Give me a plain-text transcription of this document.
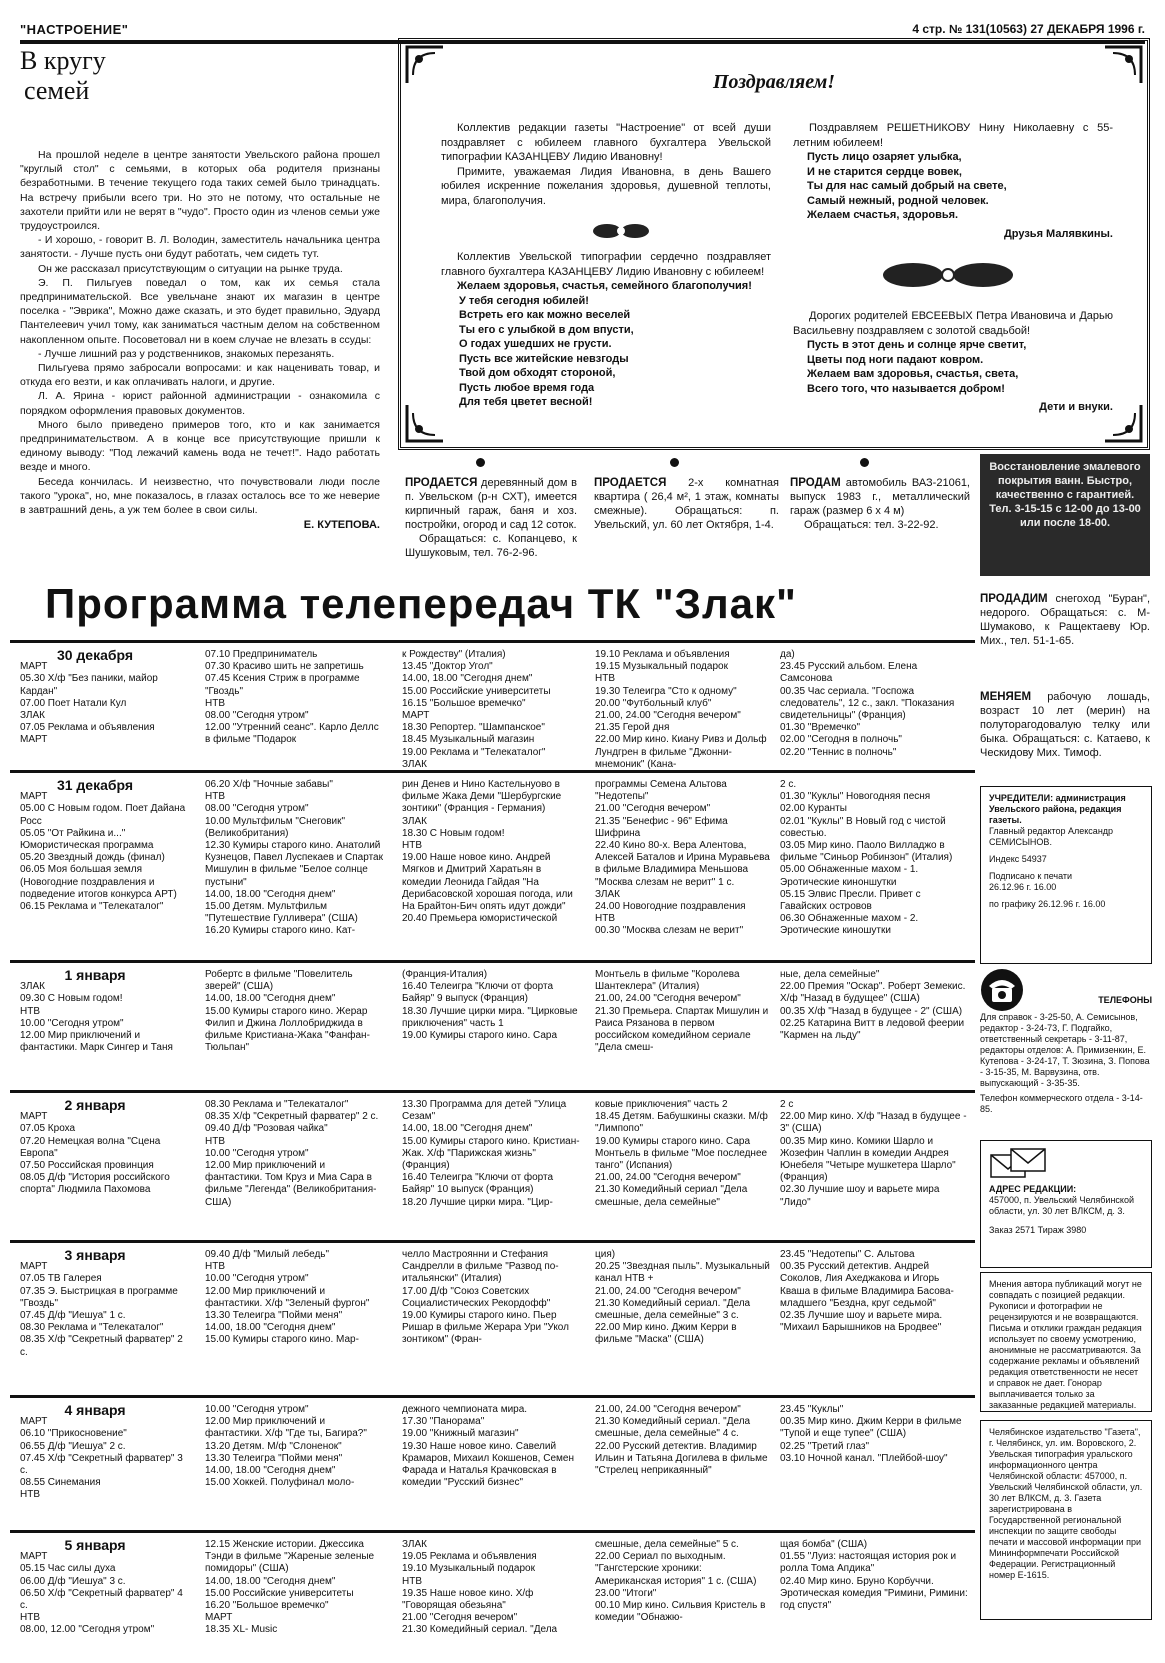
"НАСТРОЕНИЕ"	4 стр. № 131(10563) 27 ДЕКАБРЯ 1996 г.
В кругу
семей

На прошлой неделе в центре занятости Увельского района прошел "круглый стол" с семьями, в которых оба родителя признаны безработными. В течение текущего года таких семей было тринадцать. На встречу прибыли всего три. Но это не потому, что остальные не захотели прийти или не верят в "чудо". Просто один из членов семьи уже трудоустроился.

- И хорошо, - говорит В. Л. Володин, заместитель начальника центра занятости. - Лучше пусть они будут работать, чем сидеть тут.

Он же рассказал присутствующим о ситуации на рынке труда.

Э. П. Пильгуев поведал о том, как их семья стала предпринимательской. Все увельчане знают их магазин в центре поселка - "Эврика", Можно даже сказать, и это будет правильно, Эдуард Пантелеевич учил тому, как заниматься частным делом на собственном накопленном опыте. Посоветовал ни в коем случае не влезать в ссуды:

- Лучше лишний раз у родственников, знакомых перезанять.

Пильгуева прямо забросали вопросами: и как наценивать товар, и откуда его везти, и как оплачивать налоги, и другие.

Л. А. Ярина - юрист районной администрации - ознакомила с порядком оформления правовых документов.

Много было приведено примеров того, кто и как занимается предпринимательством. А в конце все присутствующие пришли к единому выводу: "Под лежачий камень вода не течет!". Надо работать везде и много.

Беседа кончилась. И неизвестно, что почувствовали люди после такого "урока", но, мне показалось, в глазах осталось все то же неверие в завтрашний день, а уж тем более в свои силы.

Е. КУТЕПОВА.
Поздравляем!

Коллектив редакции газеты "Настроение" от всей души поздравляет с юбилеем главного бухгалтера Увельской типографии КАЗАНЦЕВУ Лидию Ивановну!

Примите, уважаемая Лидия Ивановна, в день Вашего юбилея искренние пожелания здоровья, душевной теплоты, мира, благополучия.

Коллектив Увельской типографии сердечно поздравляет главного бухгалтера КАЗАНЦЕВУ Лидию Ивановну с юбилеем!

Желаем здоровья, счастья, семейного благополучия!

У тебя сегодня юбилей!
Встреть его как можно веселей
Ты его с улыбкой в дом впусти,
О годах ушедших не грусти.
Пусть все житейские невзгоды
Твой дом обходят стороной,
Пусть любое время года
Для тебя цветет весной!

Поздравляем РЕШЕТНИКОВУ Нину Николаевну с 55-летним юбилеем!

Пусть лицо озаряет улыбка,
И не старится сердце вовек,
Ты для нас самый добрый на свете,
Самый нежный, родной человек.
Желаем счастья, здоровья.
Друзья Малявкины.

Дорогих родителей ЕВСЕЕВЫХ Петра Ивановича и Дарью Васильевну поздравляем с золотой свадьбой!

Пусть в этот день и солнце ярче светит,
Цветы под ноги падают ковром.
Желаем вам здоровья, счастья, света,
Всего того, что называется добром!
Дети и внуки.
ПРОДАЕТСЯ деревянный дом в п. Увельском (р-н СХТ), имеется кирпичный гараж, баня и хоз. постройки, огород и сад 12 соток.
Обращаться: с. Копанцево, к Шушуковым, тел. 76-2-96.
ПРОДАЕТСЯ 2-х комнатная квартира ( 26,4 м², 1 этаж, комнаты смежные). Обращаться: п. Увельский, ул. 60 лет Октября, 1-4.
ПРОДАМ автомобиль ВАЗ-21061, выпуск 1983 г., металлический гараж (размер 6 х 4 м)
Обращаться: тел. 3-22-92.
Восстановление эмалевого покрытия ванн. Быстро, качественно с гарантией. Тел. 3-15-15 с 12-00 до 13-00 или после 18-00.
ПРОДАДИМ снегоход "Буран", недорого. Обращаться: с. М-Шумаково, к Ращектаеву Юр. Мих., тел. 51-1-65.
МЕНЯЕМ рабочую лошадь, возраст 10 лет (мерин) на полуторагодовалую телку или быка. Обращаться: с. Катаево, к Ческидову Мих. Тимоф.
УЧРЕДИТЕЛИ: администрация Увельского района, редакция газеты.
Главный редактор Александр СЕМИСЫНОВ.
Индекс 54937
Подписано к печати
26.12.96 г. 16.00
по графику 26.12.96 г. 16.00
ТЕЛЕФОНЫ
Для справок - 3-25-50, А. Семисынов, редактор - 3-24-73, Г. Подгайко, ответственный секретарь - 3-11-87, редакторы отделов: А. Примизенкин, Е. Кутепова - 3-24-17, Т. Зюзина, З. Попова - 3-15-35, М. Варвузина, отв. выпускающий - 3-35-35.
Телефон коммерческого отдела - 3-14-85.
АДРЕС РЕДАКЦИИ:
457000, п. Увельский Челябинской области, ул. 30 лет ВЛКСМ, д. 3.
Заказ 2571 Тираж 3980
Мнения автора публикаций могут не совпадать с позицией редакции. Рукописи и фотографии не рецензируются и не возвращаются. Письма и отклики граждан редакция использует по своему усмотрению, анонимные не рассматриваются. За содержание рекламы и объявлений редакция ответственности не несет и справок не дает. Гонорар выплачивается только за заказанные редакцией материалы.
Челябинское издательство "Газета", г. Челябинск, ул. им. Воровского, 2. Увельская типография уральского информационного центра Челябинской области: 457000, п. Увельский Челябинской области, ул. 30 лет ВЛКСМ, д. 3. Газета зарегистрирована в Государственной региональной инспекции по защите свободы печати и массовой информации при Мининформпечати Российской Федерации. Регистрационный номер Е-1615.
Программа телепередач ТК "Злак"
30 декабря
МАРТ
05.30 Х/ф "Без паники, майор Кардан"
07.00 Поет Натали Кул
ЗЛАК
07.05 Реклама и объявления
МАРТ
07.10 Предприниматель
07.30 Красиво шить не запретишь
07.45 Ксения Стриж в программе "Гвоздь"
НТВ
08.00 "Сегодня утром"
12.00 "Утренний сеанс". Карло Деллс в фильме "Подарок
к Рождеству" (Италия)
13.45 "Доктор Угол"
14.00, 18.00 "Сегодня днем"
15.00 Российские университеты
16.15 "Большое времечко"
МАРТ
18.30 Репортер. "Шампанское"
18.45 Музыкальный магазин
19.00 Реклама и "Телекаталог"
ЗЛАК
19.10 Реклама и объявления
19.15 Музыкальный подарок
НТВ
19.30 Телеигра "Сто к одному"
20.00 "Футбольный клуб"
21.00, 24.00 "Сегодня вечером"
21.35 Герой дня
22.00 Мир кино. Киану Ривз и Дольф Лундгрен в фильме "Джонни-мнемоник" (Кана-
да)
23.45 Русский альбом. Елена Самсонова
00.35 Час сериала. "Госпожа следователь", 12 с., закл. "Показания свидетельницы" (Франция)
01.30 "Времечко"
02.00 "Сегодня в полночь"
02.20 "Теннис в полночь"
31 декабря
МАРТ
05.00 С Новым годом. Поет Дайана Росс
05.05 "От Райкина и..." Юмористическая программа
05.20 Звездный дождь (финал)
06.05 Моя большая земля (Новогодние поздравления и подведение итогов конкурса АРТ)
06.15 Реклама и "Телекаталог"
06.20 Х/ф "Ночные забавы"
НТВ
08.00 "Сегодня утром"
10.00 Мультфильм "Снеговик" (Великобритания)
12.30 Кумиры старого кино. Анатолий Кузнецов, Павел Луспекаев и Спартак Мишулин в фильме "Белое солнце пустыни"
14.00, 18.00 "Сегодня днем"
15.00 Детям. Мультфильм "Путешествие Гулливера" (США)
16.20 Кумиры старого кино. Кат-
рин Денев и Нино Кастельнуово в фильме Жака Деми "Шербургские зонтики" (Франция - Германия)
ЗЛАК
18.30 С Новым годом!
НТВ
19.00 Наше новое кино. Андрей Мягков и Дмитрий Харатьян в комедии Леонида Гайдая "На Дерибасовской хорошая погода, или На Брайтон-Бич опять идут дожди"
20.40 Премьера юмористической
программы Семена Альтова "Недотепы"
21.00 "Сегодня вечером"
21.35 "Бенефис - 96" Ефима Шифрина
22.40 Кино 80-х. Вера Алентова, Алексей Баталов и Ирина Муравьева в фильме Владимира Меньшова "Москва слезам не верит" 1 с.
ЗЛАК
24.00 Новогодние поздравления
НТВ
00.30 "Москва слезам не верит"
2 с.
01.30 "Куклы" Новогодняя песня
02.00 Куранты
02.01 "Куклы" В Новый год с чистой совестью.
03.05 Мир кино. Паоло Вилладжо в фильме "Синьор Робинзон" (Италия)
05.00 Обнаженные махом - 1. Эротические киноншутки
05.15 Элвис Пресли. Привет с Гавайских островов
06.30 Обнаженные махом - 2. Эротические киношутки
1 января
ЗЛАК
09.30 С Новым годом!
НТВ
10.00 "Сегодня утром"
12.00 Мир приключений и фантастики. Марк Сингер и Таня
Робертс в фильме "Повелитель зверей" (США)
14.00, 18.00 "Сегодня днем"
15.00 Кумиры старого кино. Жерар Филип и Джина Лоллобриджида в фильме Кристиана-Жака "Фанфан-Тюльпан"
(Франция-Италия)
16.40 Телеигра "Ключи от форта Байяр" 9 выпуск (Франция)
18.30 Лучшие цирки мира. "Цирковые приключения" часть 1
19.00 Кумиры старого кино. Сара
Монтьель в фильме "Королева Шантеклера" (Италия)
21.00, 24.00 "Сегодня вечером"
21.30 Премьера. Спартак Мишулин и Раиса Рязанова в первом российском комедийном сериале "Дела смеш-
ные, дела семейные"
22.00 Премия "Оскар". Роберт Земекис. Х/ф "Назад в будущее" (США)
00.35 Х/ф "Назад в будущее - 2" (США)
02.25 Катарина Витт в ледовой феерии "Кармен на льду"
2 января
МАРТ
07.05 Кроха
07.20 Немецкая волна "Сцена Европа"
07.50 Российская провинция
08.05 Д/ф "История российского спорта" Людмила Пахомова
08.30 Реклама и "Телекаталог"
08.35 Х/ф "Секретный фарватер" 2 с.
09.40 Д/ф "Розовая чайка"
НТВ
10.00 "Сегодня утром"
12.00 Мир приключений и фантастики. Том Круз и Миа Сара в фильме "Легенда" (Великобритания-США)
13.30 Программа для детей "Улица Сезам"
14.00, 18.00 "Сегодня днем"
15.00 Кумиры старого кино. Кристиан-Жак. Х/ф "Парижская жизнь" (Франция)
16.40 Телеигра "Ключи от форта Байяр" 10 выпуск (Франция)
18.20 Лучшие цирки мира. "Цир-
ковые приключения" часть 2
18.45 Детям. Бабушкины сказки. М/ф "Лимпопо"
19.00 Кумиры старого кино. Сара Монтьель в фильме "Мое последнее танго" (Испания)
21.00, 24.00 "Сегодня вечером"
21.30 Комедийный сериал "Дела смешные, дела семейные"
2 с
22.00 Мир кино. Х/ф "Назад в будущее - 3" (США)
00.35 Мир кино. Комики Шарло и Жозефин Чаплин в комедии Андрея Юнебеля "Четыре мушкетера Шарло" (Франция)
02.30 Лучшие шоу и варьете мира "Лидо"
3 января
МАРТ
07.05 ТВ Галерея
07.35 Э. Быстрицкая в программе "Гвоздь"
07.45 Д/ф "Иешуа" 1 с.
08.30 Реклама и "Телекаталог"
08.35 Х/ф "Секретный фарватер" 2 с.
09.40 Д/ф "Милый лебедь"
НТВ
10.00 "Сегодня утром"
12.00 Мир приключений и фантастики. Х/ф "Зеленый фургон"
13.30 Телеигра "Пойми меня"
14.00, 18.00 "Сегодня днем"
15.00 Кумиры старого кино. Мар-
челло Мастроянни и Стефания Сандрелли в фильме "Развод по-итальянски" (Италия)
17.00 Д/ф "Союз Советских Социалистических Рекордофф"
19.00 Кумиры старого кино. Пьер Ришар в фильме Жерара Ури "Укол зонтиком" (Фран-
ция)
20.25 "Звездная пыль". Музыкальный канал НТВ +
21.00, 24.00 "Сегодня вечером"
21.30 Комедийный сериал. "Дела смешные, дела семейные" 3 с.
22.00 Мир кино. Джим Керри в фильме "Маска" (США)
23.45 "Недотепы" С. Альтова
00.35 Русский детектив. Андрей Соколов, Лия Ахеджакова и Игорь Кваша в фильме Владимира Басова-младшего "Бездна, круг седьмой"
02.35 Лучшие шоу и варьете мира. "Михаил Барышников на Бродвее"
4 января
МАРТ
06.10 "Прикосновение"
06.55 Д/ф "Иешуа" 2 с.
07.45 Х/ф "Секретный фарватер" 3 с.
08.55 Синемания
НТВ
10.00 "Сегодня утром"
12.00 Мир приключений и фантастики. Х/ф "Где ты, Багира?"
13.20 Детям. М/ф "Слоненок"
13.30 Телеигра "Пойми меня"
14.00, 18.00 "Сегодня днем"
15.00 Хоккей. Полуфинал моло-
дежного чемпионата мира.
17.30 "Панорама"
19.00 "Книжный магазин"
19.30 Наше новое кино. Савелий Крамаров, Михаил Кокшенов, Семен Фарада и Наталья Крачковская в комедии "Русский бизнес"
21.00, 24.00 "Сегодня вечером"
21.30 Комедийный сериал. "Дела смешные, дела семейные" 4 с.
22.00 Русский детектив. Владимир Ильин и Татьяна Догилева в фильме "Стрелец неприкаянный"
23.45 "Куклы"
00.35 Мир кино. Джим Керри в фильме "Тупой и еще тупее" (США)
02.25 "Третий глаз"
03.10 Ночной канал. "Плейбой-шоу"
5 января
МАРТ
05.15 Час силы духа
06.00 Д/ф "Иешуа" 3 с.
06.50 Х/ф "Секретный фарватер" 4 с.
НТВ
08.00, 12.00 "Сегодня утром"
12.15 Женские истории. Джессика Тэнди в фильме "Жареные зеленые помидоры" (США)
14.00, 18.00 "Сегодня днем"
15.00 Российские университеты
16.20 "Большое времечко"
МАРТ
18.35 XL- Music
ЗЛАК
19.05 Реклама и объявления
19.10 Музыкальный подарок
НТВ
19.35 Наше новое кино. Х/ф "Говорящая обезьяна"
21.00 "Сегодня вечером"
21.30 Комедийный сериал. "Дела
смешные, дела семейные" 5 с.
22.00 Сериал по выходным. "Гангстерские хроники: Американская история" 1 с. (США)
23.00 "Итоги"
00.10 Мир кино. Сильвия Кристель в комедии "Обнажю-
щая бомба" (США)
01.55 "Луиз: настоящая история рок и ролла Тома Апдика"
02.40 Мир кино. Бруно Корбуччи. Эротическая комедия "Римини, Римини: год спустя"
